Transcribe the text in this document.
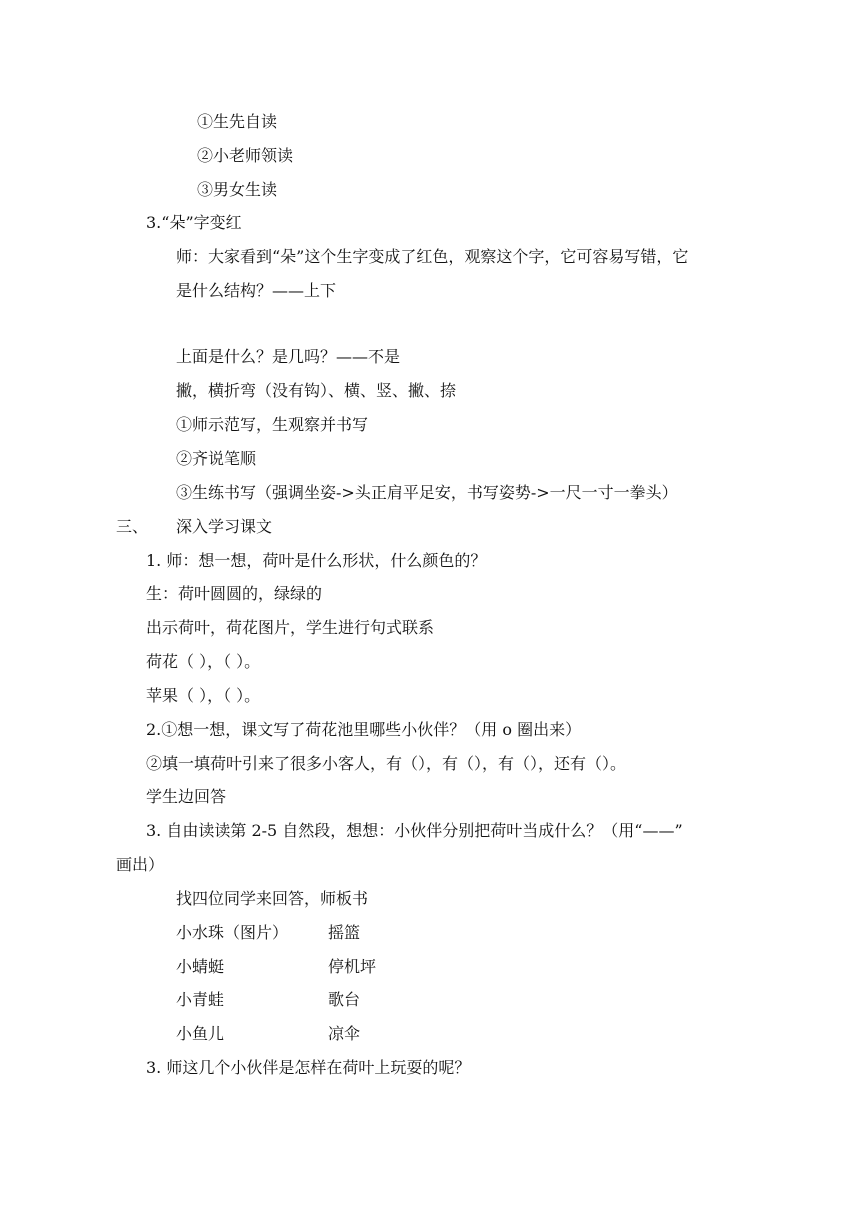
①生先自读
②小老师领读
③男女生读
3.“朵”字变红
师：大家看到“朵”这个生字变成了红色，观察这个字，它可容易写错，它
是什么结构？——上下
上面是什么？是几吗？——不是
撇，横折弯（没有钩）、横、竖、撇、捺
①师示范写，生观察并书写
②齐说笔顺
③生练书写（强调坐姿->头正肩平足安，书写姿势->一尺一寸一拳头）
三、 深入学习课文
1. 师：想一想，荷叶是什么形状，什么颜色的？
生：荷叶圆圆的，绿绿的
出示荷叶，荷花图片，学生进行句式联系
荷花（ ），（ ）。
苹果（ ），（ ）。
2.①想一想，课文写了荷花池里哪些小伙伴？（用 o 圈出来）
②填一填荷叶引来了很多小客人，有（），有（），有（），还有（）。
学生边回答
3. 自由读读第 2-5 自然段，想想：小伙伴分别把荷叶当成什么？（用“——”
画出）
找四位同学来回答，师板书
小水珠（图片） 摇篮
小蜻蜓	停机坪
小青蛙	歌台
小鱼儿	凉伞
3. 师这几个小伙伴是怎样在荷叶上玩耍的呢？
